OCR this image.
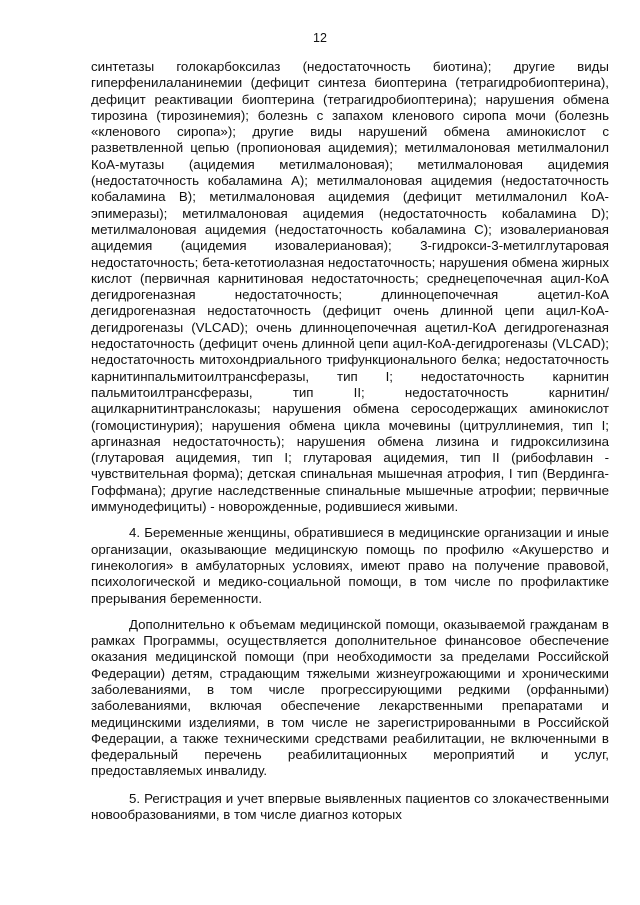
12

синтетазы голокарбоксилаз (недостаточность биотина); другие виды гиперфенилаланинемии (дефицит синтеза биоптерина (тетрагидробиоптерина), дефицит реактивации биоптерина (тетрагидробиоптерина); нарушения обмена тирозина (тирозинемия); болезнь с запахом кленового сиропа мочи (болезнь «кленового сиропа»); другие виды нарушений обмена аминокислот с разветвленной цепью (пропионовая ацидемия); метилмалоновая метилмалонил КоА-мутазы (ацидемия метилмалоновая); метилмалоновая ацидемия (недостаточность кобаламина А); метилмалоновая ацидемия (недостаточность кобаламина В); метилмалоновая ацидемия (дефицит метилмалонил КоА-эпимеразы); метилмалоновая ацидемия (недостаточность кобаламина D); метилмалоновая ацидемия (недостаточность кобаламина С); изовалериановая ацидемия (ацидемия изовалериановая); 3-гидрокси-3-метилглутаровая недостаточность; бета-кетотиолазная недостаточность; нарушения обмена жирных кислот (первичная карнитиновая недостаточность; среднецепочечная ацил-КоА дегидрогеназная недостаточность; длинноцепочечная ацетил-КоА дегидрогеназная недостаточность (дефицит очень длинной цепи ацил-КоА-дегидрогеназы (VLCAD); очень длинноцепочечная ацетил-КоА дегидрогеназная недостаточность (дефицит очень длинной цепи ацил-КоА-дегидрогеназы (VLCAD); недостаточность митохондриального трифункционального белка; недостаточность карнитинпальмитоилтрансферазы, тип I; недостаточность карнитин пальмитоилтрансферазы, тип II; недостаточность карнитин/ацилкарнитинтранслоказы; нарушения обмена серосодержащих аминокислот (гомоцистинурия); нарушения обмена цикла мочевины (цитруллинемия, тип I; аргиназная недостаточность); нарушения обмена лизина и гидроксилизина (глутаровая ацидемия, тип I; глутаровая ацидемия, тип II (рибофлавин - чувствительная форма); детская спинальная мышечная атрофия, I тип (Вердинга-Гоффмана); другие наследственные спинальные мышечные атрофии; первичные иммунодефициты) - новорожденные, родившиеся живыми.

4. Беременные женщины, обратившиеся в медицинские организации и иные организации, оказывающие медицинскую помощь по профилю «Акушерство и гинекология» в амбулаторных условиях, имеют право на получение правовой, психологической и медико-социальной помощи, в том числе по профилактике прерывания беременности.

Дополнительно к объемам медицинской помощи, оказываемой гражданам в рамках Программы, осуществляется дополнительное финансовое обеспечение оказания медицинской помощи (при необходимости за пределами Российской Федерации) детям, страдающим тяжелыми жизнеугрожающими и хроническими заболеваниями, в том числе прогрессирующими редкими (орфанными) заболеваниями, включая обеспечение лекарственными препаратами и медицинскими изделиями, в том числе не зарегистрированными в Российской Федерации, а также техническими средствами реабилитации, не включенными в федеральный перечень реабилитационных мероприятий и услуг, предоставляемых инвалиду.

5. Регистрация и учет впервые выявленных пациентов со злокачественными новообразованиями, в том числе диагноз которых
